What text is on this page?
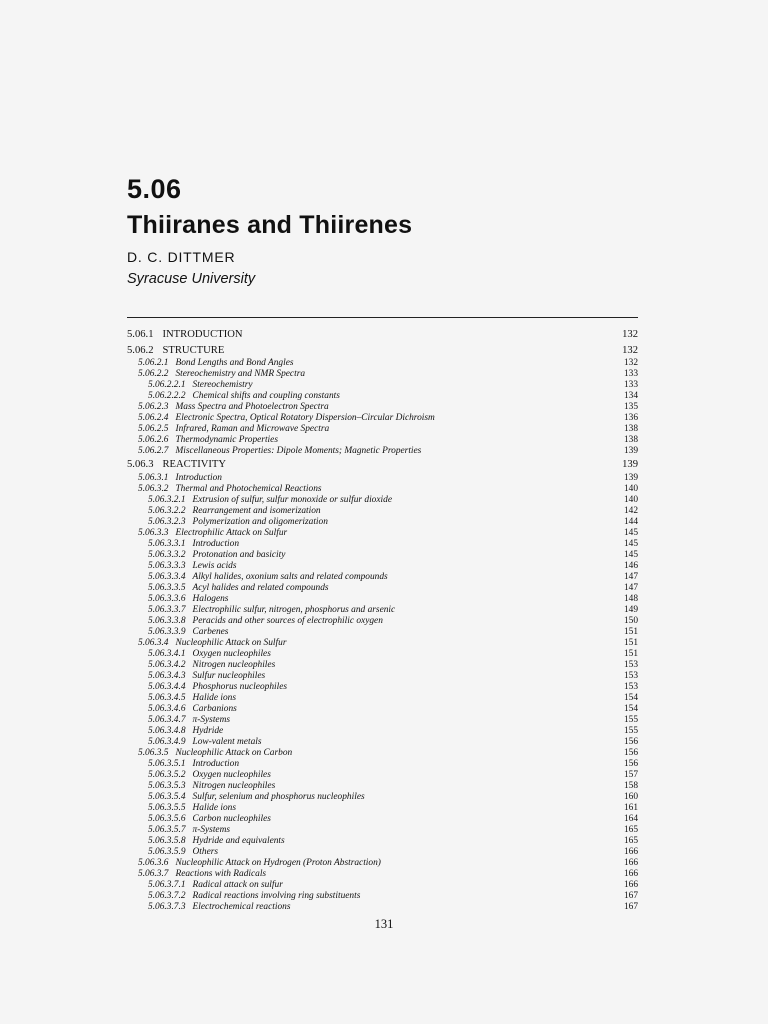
5.06
Thiiranes and Thiirenes
D. C. DITTMER
Syracuse University
5.06.1 INTRODUCTION	132
5.06.2 STRUCTURE	132
5.06.2.1 Bond Lengths and Bond Angles	132
5.06.2.2 Stereochemistry and NMR Spectra	133
5.06.2.2.1 Stereochemistry	133
5.06.2.2.2 Chemical shifts and coupling constants	134
5.06.2.3 Mass Spectra and Photoelectron Spectra	135
5.06.2.4 Electronic Spectra, Optical Rotatory Dispersion–Circular Dichroism	136
5.06.2.5 Infrared, Raman and Microwave Spectra	138
5.06.2.6 Thermodynamic Properties	138
5.06.2.7 Miscellaneous Properties: Dipole Moments; Magnetic Properties	139
5.06.3 REACTIVITY	139
5.06.3.1 Introduction	139
5.06.3.2 Thermal and Photochemical Reactions	140
5.06.3.2.1 Extrusion of sulfur, sulfur monoxide or sulfur dioxide	140
5.06.3.2.2 Rearrangement and isomerization	142
5.06.3.2.3 Polymerization and oligomerization	144
5.06.3.3 Electrophilic Attack on Sulfur	145
5.06.3.3.1 Introduction	145
5.06.3.3.2 Protonation and basicity	145
5.06.3.3.3 Lewis acids	146
5.06.3.3.4 Alkyl halides, oxonium salts and related compounds	147
5.06.3.3.5 Acyl halides and related compounds	147
5.06.3.3.6 Halogens	148
5.06.3.3.7 Electrophilic sulfur, nitrogen, phosphorus and arsenic	149
5.06.3.3.8 Peracids and other sources of electrophilic oxygen	150
5.06.3.3.9 Carbenes	151
5.06.3.4 Nucleophilic Attack on Sulfur	151
5.06.3.4.1 Oxygen nucleophiles	151
5.06.3.4.2 Nitrogen nucleophiles	153
5.06.3.4.3 Sulfur nucleophiles	153
5.06.3.4.4 Phosphorus nucleophiles	153
5.06.3.4.5 Halide ions	154
5.06.3.4.6 Carbanions	154
5.06.3.4.7 π-Systems	155
5.06.3.4.8 Hydride	155
5.06.3.4.9 Low-valent metals	156
5.06.3.5 Nucleophilic Attack on Carbon	156
5.06.3.5.1 Introduction	156
5.06.3.5.2 Oxygen nucleophiles	157
5.06.3.5.3 Nitrogen nucleophiles	158
5.06.3.5.4 Sulfur, selenium and phosphorus nucleophiles	160
5.06.3.5.5 Halide ions	161
5.06.3.5.6 Carbon nucleophiles	164
5.06.3.5.7 π-Systems	165
5.06.3.5.8 Hydride and equivalents	165
5.06.3.5.9 Others	166
5.06.3.6 Nucleophilic Attack on Hydrogen (Proton Abstraction)	166
5.06.3.7 Reactions with Radicals	166
5.06.3.7.1 Radical attack on sulfur	166
5.06.3.7.2 Radical reactions involving ring substituents	167
5.06.3.7.3 Electrochemical reactions	167
131
